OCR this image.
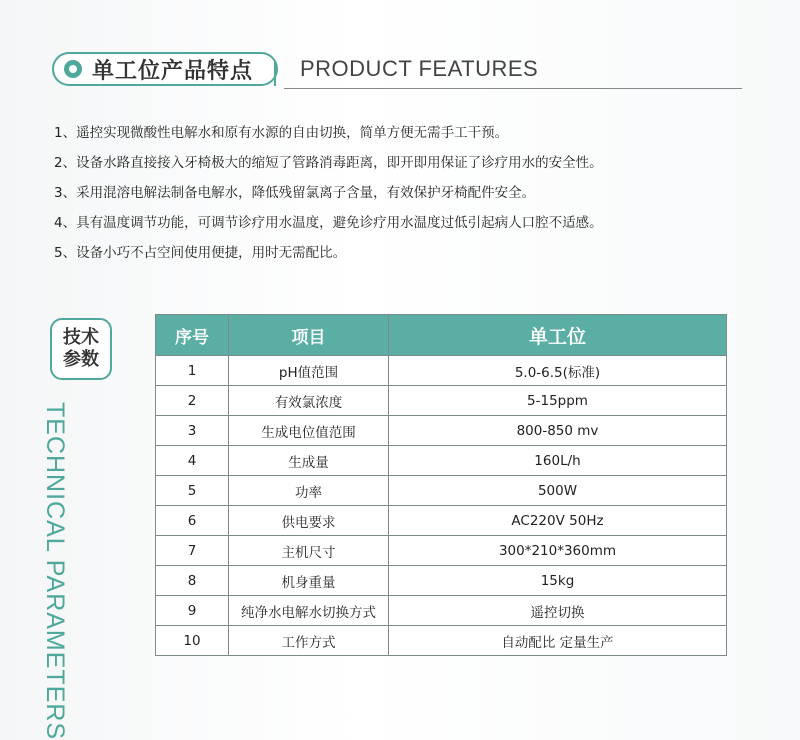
单工位产品特点 PRODUCT FEATURES
1、遥控实现微酸性电解水和原有水源的自由切换，简单方便无需手工干预。
2、设备水路直接接入牙椅极大的缩短了管路消毒距离，即开即用保证了诊疗用水的安全性。
3、采用混溶电解法制备电解水，降低残留氯离子含量，有效保护牙椅配件安全。
4、具有温度调节功能，可调节诊疗用水温度，避免诊疗用水温度过低引起病人口腔不适感。
5、设备小巧不占空间使用便捷，用时无需配比。
技术
参数
TECHNICAL PARAMETERS
序号	项目	单工位
1	pH值范围	5.0-6.5(标准)
2	有效氯浓度	5-15ppm
3	生成电位值范围	800-850 mv
4	生成量	160L/h
5	功率	500W
6	供电要求	AC220V 50Hz
7	主机尺寸	300*210*360mm
8	机身重量	15kg
9	纯净水电解水切换方式	遥控切换
10	工作方式	自动配比 定量生产
